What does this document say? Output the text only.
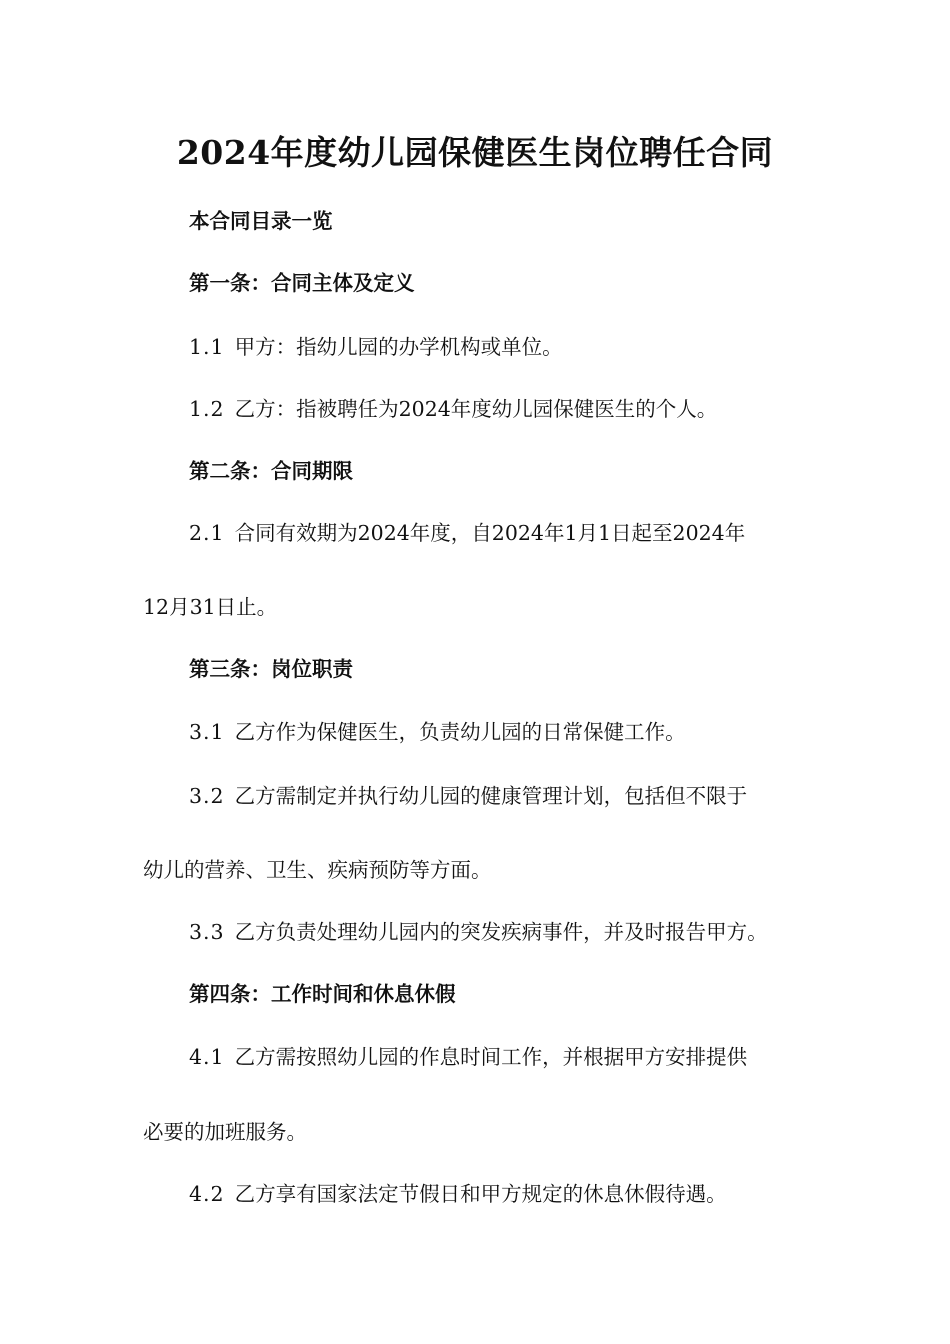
2024年度幼儿园保健医生岗位聘任合同
本合同目录一览
第一条：合同主体及定义
1.1 甲方：指幼儿园的办学机构或单位。
1.2 乙方：指被聘任为2024年度幼儿园保健医生的个人。
第二条：合同期限
2.1 合同有效期为2024年度，自2024年1月1日起至2024年
12月31日止。
第三条：岗位职责
3.1 乙方作为保健医生，负责幼儿园的日常保健工作。
3.2 乙方需制定并执行幼儿园的健康管理计划，包括但不限于
幼儿的营养、卫生、疾病预防等方面。
3.3 乙方负责处理幼儿园内的突发疾病事件，并及时报告甲方。
第四条：工作时间和休息休假
4.1 乙方需按照幼儿园的作息时间工作，并根据甲方安排提供
必要的加班服务。
4.2 乙方享有国家法定节假日和甲方规定的休息休假待遇。
